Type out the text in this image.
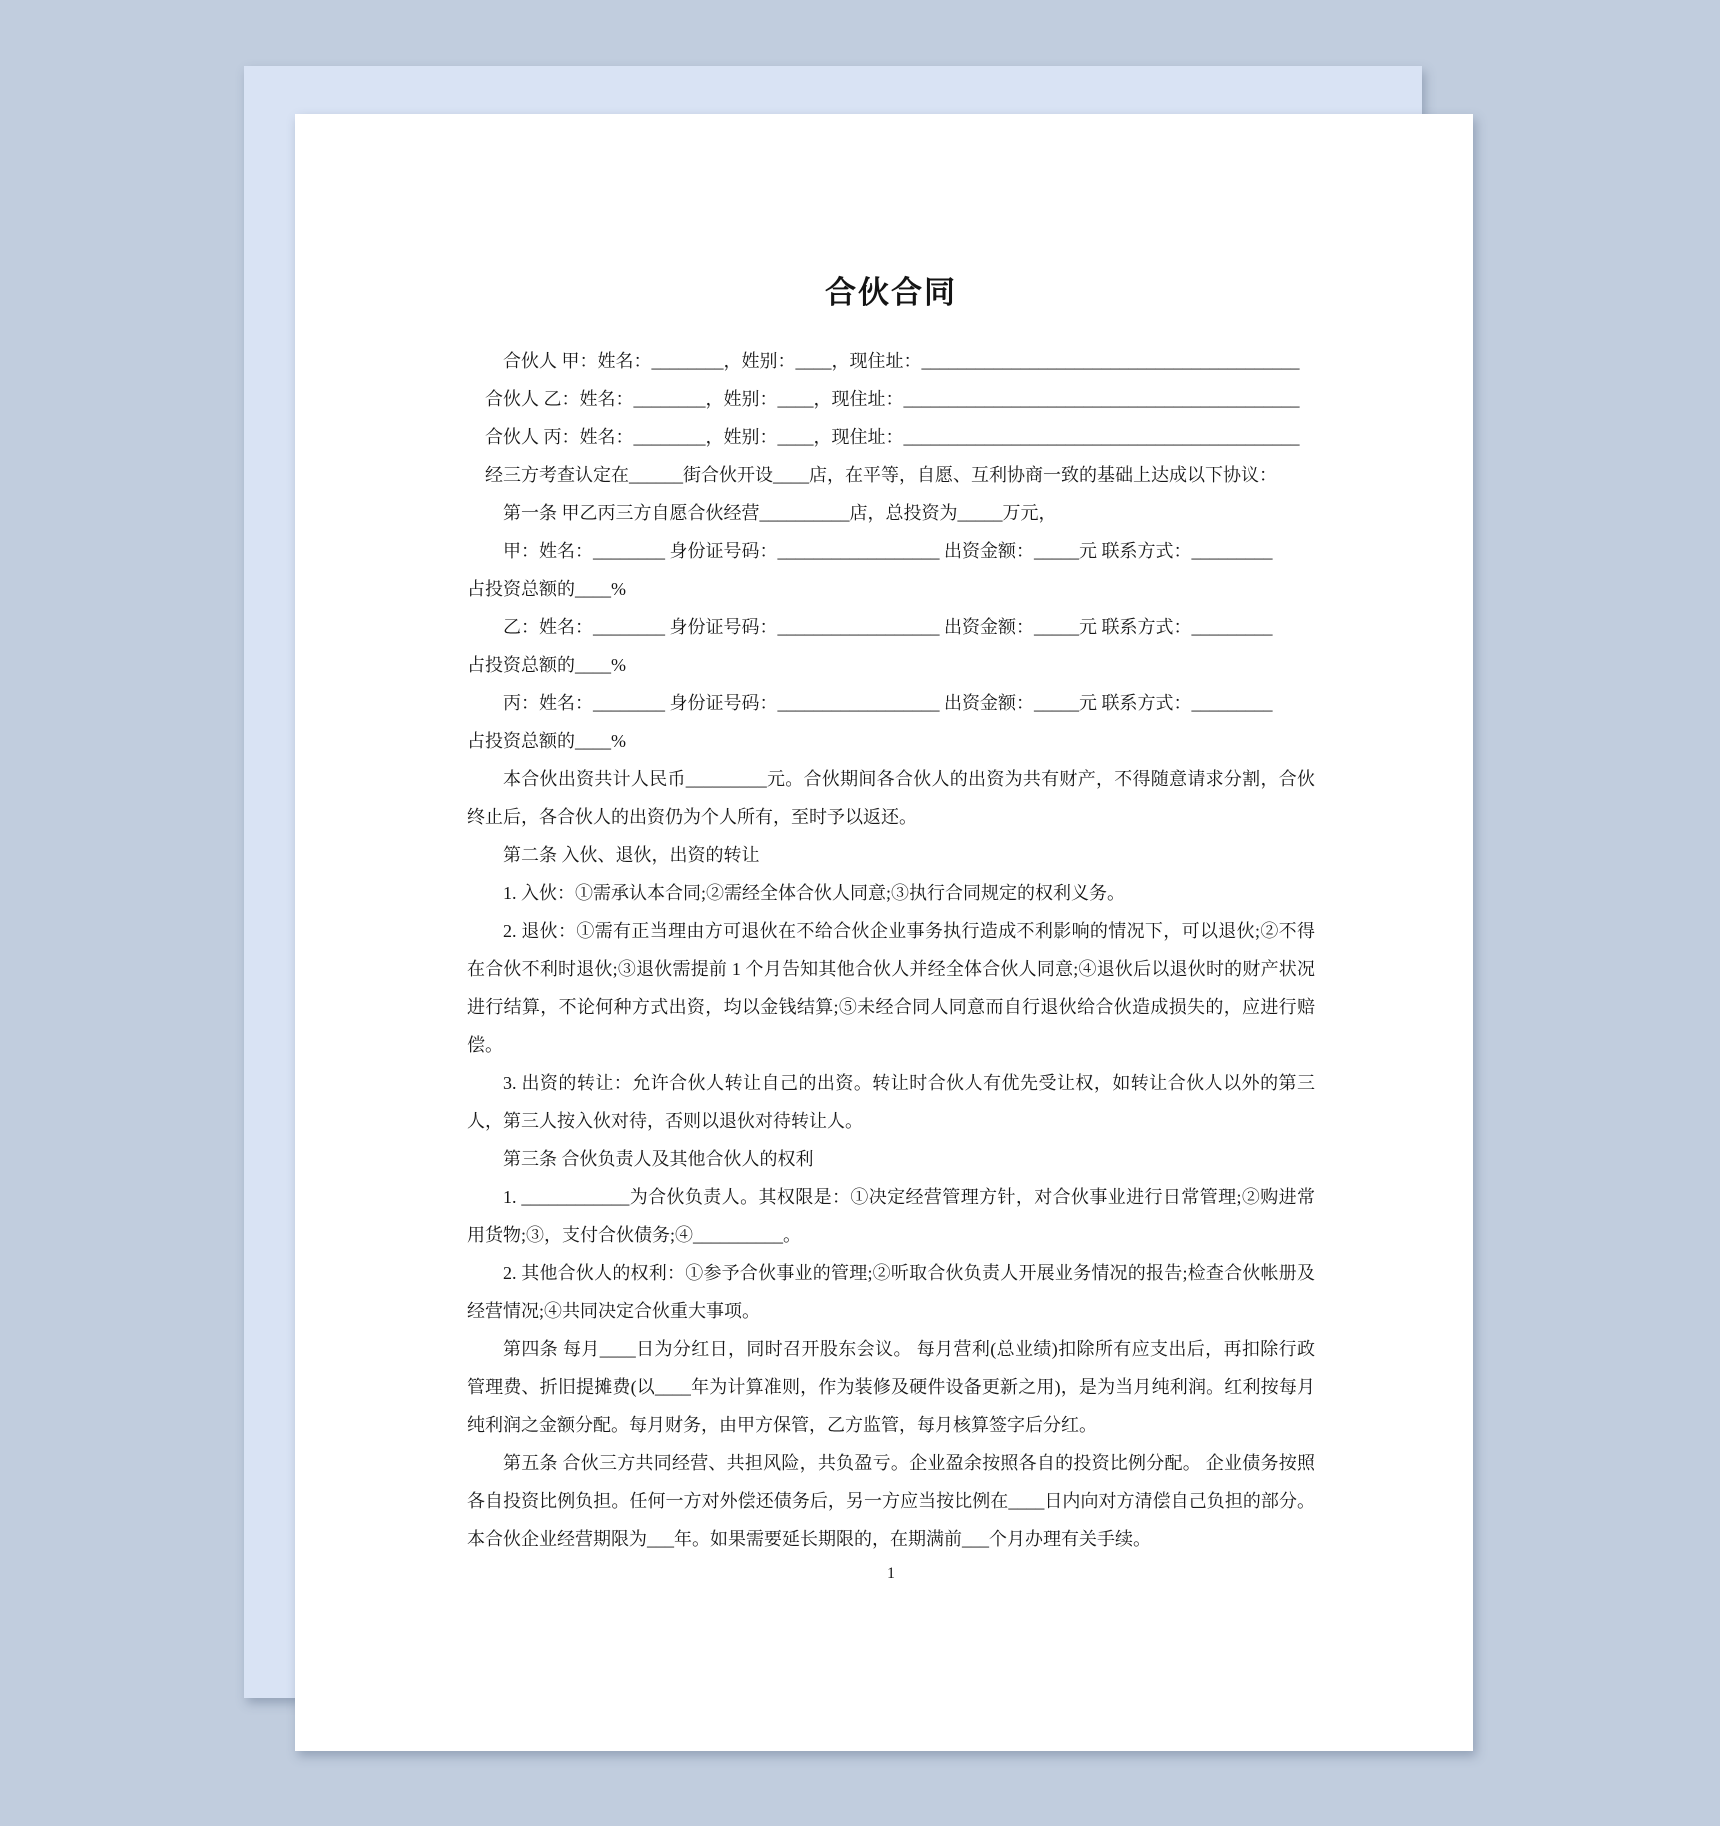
合伙合同

合伙人 甲：姓名：________，姓别：____，现住址：__________________________________________

合伙人 乙：姓名：________，姓别：____，现住址：____________________________________________

合伙人 丙：姓名：________，姓别：____，现住址：____________________________________________

经三方考查认定在______街合伙开设____店，在平等，自愿、互利协商一致的基础上达成以下协议：

第一条 甲乙丙三方自愿合伙经营__________店，总投资为_____万元，

甲：姓名：________ 身份证号码：__________________ 出资金额：_____元 联系方式：_________

占投资总额的____%

乙：姓名：________ 身份证号码：__________________ 出资金额：_____元 联系方式：_________

占投资总额的____%

丙：姓名：________ 身份证号码：__________________ 出资金额：_____元 联系方式：_________

占投资总额的____%

本合伙出资共计人民币_________元。合伙期间各合伙人的出资为共有财产，不得随意请求分割，合伙终止后，各合伙人的出资仍为个人所有，至时予以返还。

第二条 入伙、退伙，出资的转让

1. 入伙：①需承认本合同;②需经全体合伙人同意;③执行合同规定的权利义务。

2. 退伙：①需有正当理由方可退伙在不给合伙企业事务执行造成不利影响的情况下，可以退伙;②不得在合伙不利时退伙;③退伙需提前 1 个月告知其他合伙人并经全体合伙人同意;④退伙后以退伙时的财产状况进行结算，不论何种方式出资，均以金钱结算;⑤未经合同人同意而自行退伙给合伙造成损失的，应进行赔偿。

3. 出资的转让：允许合伙人转让自己的出资。转让时合伙人有优先受让权，如转让合伙人以外的第三人，第三人按入伙对待，否则以退伙对待转让人。

第三条 合伙负责人及其他合伙人的权利

1. ____________为合伙负责人。其权限是：①决定经营管理方针，对合伙事业进行日常管理;②购进常用货物;③，支付合伙债务;④__________。

2. 其他合伙人的权利：①参予合伙事业的管理;②听取合伙负责人开展业务情况的报告;检查合伙帐册及经营情况;④共同决定合伙重大事项。

第四条 每月____日为分红日，同时召开股东会议。 每月营利(总业绩)扣除所有应支出后，再扣除行政管理费、折旧提摊费(以____年为计算准则，作为装修及硬件设备更新之用)，是为当月纯利润。红利按每月纯利润之金额分配。每月财务，由甲方保管，乙方监管，每月核算签字后分红。

第五条 合伙三方共同经营、共担风险，共负盈亏。企业盈余按照各自的投资比例分配。 企业债务按照各自投资比例负担。任何一方对外偿还债务后，另一方应当按比例在____日内向对方清偿自己负担的部分。本合伙企业经营期限为___年。如果需要延长期限的，在期满前___个月办理有关手续。

1
